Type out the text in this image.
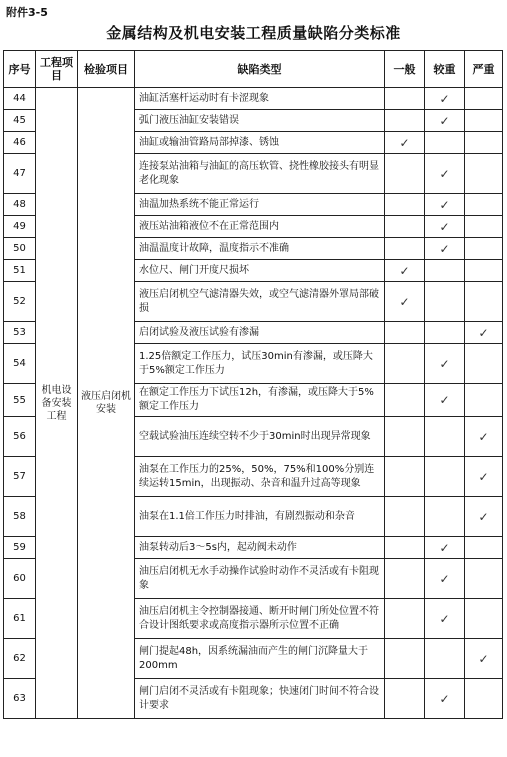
附件3-5
金属结构及机电安装工程质量缺陷分类标准
序号	工程项目	检验项目	缺陷类型	一般	较重	严重
44	机电设备安装工程	液压启闭机安装	油缸活塞杆运动时有卡涩现象		✓	
45			弧门液压油缸安装错误		✓	
46			油缸或输油管路局部掉漆、锈蚀	✓		
47			连接泵站油箱与油缸的高压软管、挠性橡胶接头有明显老化现象		✓	
48			油温加热系统不能正常运行		✓	
49			液压站油箱液位不在正常范围内		✓	
50			油温温度计故障，温度指示不准确		✓	
51			水位尺、闸门开度尺损坏	✓		
52			液压启闭机空气滤清器失效，或空气滤清器外罩局部破损	✓		
53			启闭试验及液压试验有渗漏			✓
54			1.25倍额定工作压力，试压30min有渗漏，或压降大于5%额定工作压力		✓	
55			在额定工作压力下试压12h，有渗漏，或压降大于5%额定工作压力		✓	
56			空载试验油压连续空转不少于30min时出现异常现象			✓
57			油泵在工作压力的25%，50%，75%和100%分别连续运转15min，出现振动、杂音和温升过高等现象			✓
58			油泵在1.1倍工作压力时排油，有剧烈振动和杂音			✓
59			油泵转动后3～5s内，起动阀未动作		✓	
60			油压启闭机无水手动操作试验时动作不灵活或有卡阻现象		✓	
61			油压启闭机主令控制器接通、断开时闸门所处位置不符合设计图纸要求或高度指示器所示位置不正确		✓	
62			闸门提起48h，因系统漏油而产生的闸门沉降量大于200mm			✓
63			闸门启闭不灵活或有卡阻现象；快速闭门时间不符合设计要求		✓	
